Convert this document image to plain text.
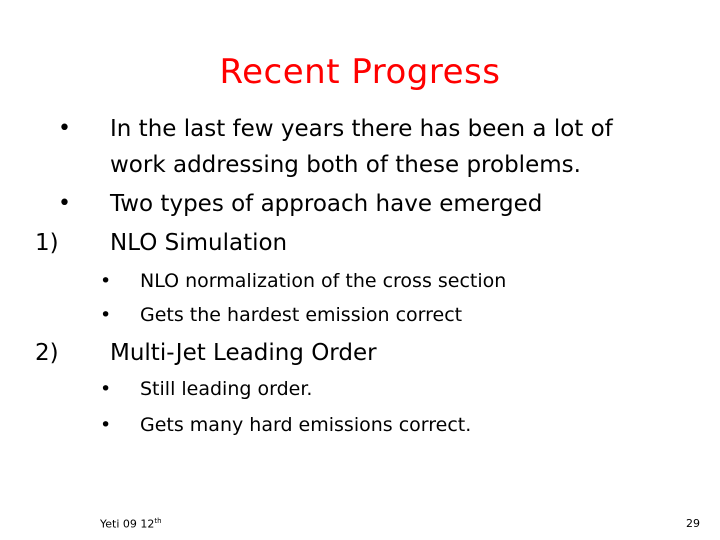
Recent Progress
• In the last few years there has been a lot of
work addressing both of these problems.
• Two types of approach have emerged
1) NLO Simulation
• NLO normalization of the cross section
• Gets the hardest emission correct
2) Multi-Jet Leading Order
• Still leading order.
• Gets many hard emissions correct.
Yeti 09 12th	29
